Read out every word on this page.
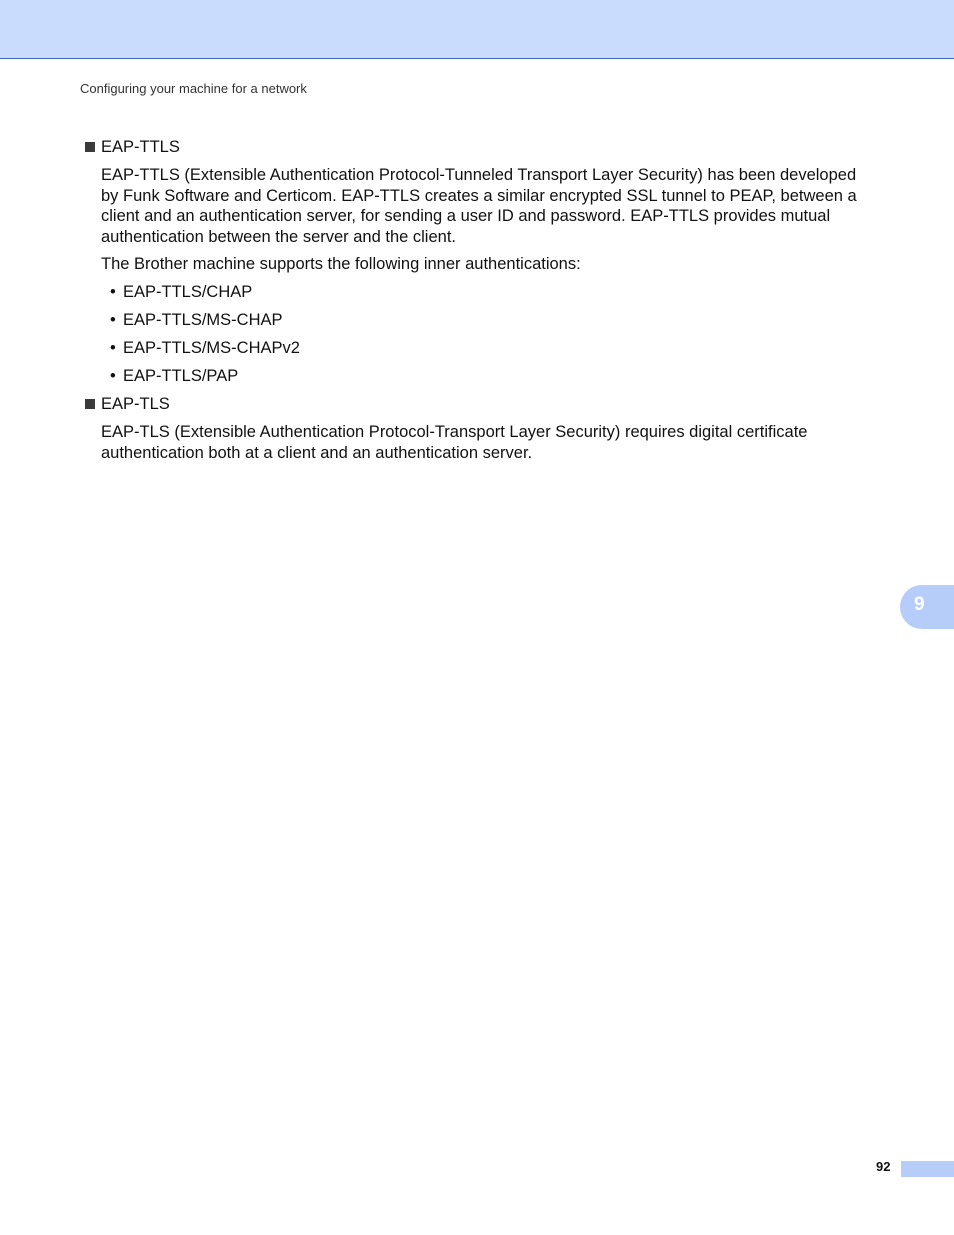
Configuring your machine for a network
EAP-TTLS
EAP-TTLS (Extensible Authentication Protocol-Tunneled Transport Layer Security) has been developed
by Funk Software and Certicom. EAP-TTLS creates a similar encrypted SSL tunnel to PEAP, between a
client and an authentication server, for sending a user ID and password. EAP-TTLS provides mutual
authentication between the server and the client.
The Brother machine supports the following inner authentications:
• EAP-TTLS/CHAP
• EAP-TTLS/MS-CHAP
• EAP-TTLS/MS-CHAPv2
• EAP-TTLS/PAP
EAP-TLS
EAP-TLS (Extensible Authentication Protocol-Transport Layer Security) requires digital certificate
authentication both at a client and an authentication server.
9
92
